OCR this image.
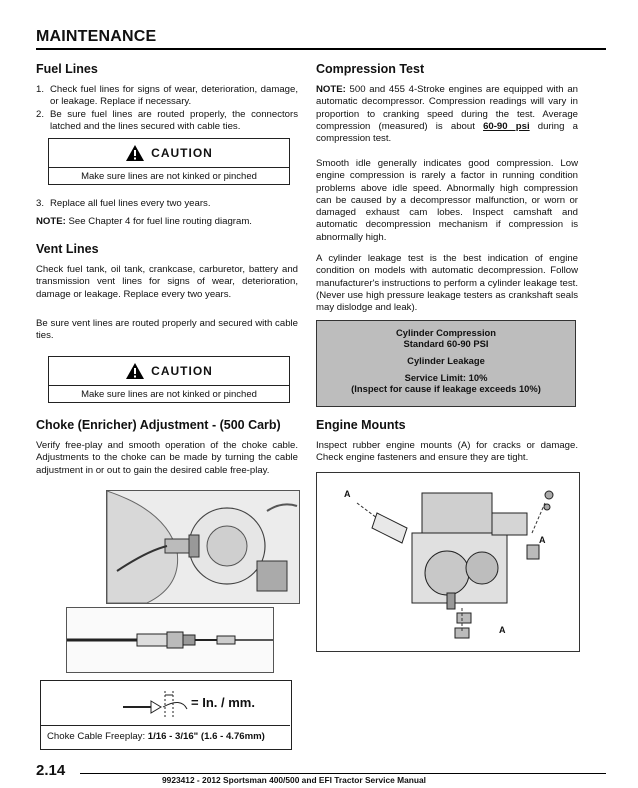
MAINTENANCE
Fuel Lines
1. Check fuel lines for signs of wear, deterioration, damage, or leakage. Replace if necessary.
2. Be sure fuel lines are routed properly, the connectors latched and the lines secured with cable ties.
CAUTION
Make sure lines are not kinked or pinched
3. Replace all fuel lines every two years.
NOTE: See Chapter 4 for fuel line routing diagram.
Vent Lines
Check fuel tank, oil tank, crankcase, carburetor, battery and transmission vent lines for signs of wear, deterioration, damage or leakage. Replace every two years.
Be sure vent lines are routed properly and secured with cable ties.
CAUTION
Make sure lines are not kinked or pinched
Choke (Enricher) Adjustment - (500 Carb)
Verify free-play and smooth operation of the choke cable. Adjustments to the choke can be made by turning the cable adjustment in or out to gain the desired cable free-play.
= In. / mm.
Choke Cable Freeplay: 1/16 - 3/16" (1.6 - 4.76mm)
Compression Test
NOTE: 500 and 455 4-Stroke engines are equipped with an automatic decompressor. Compression readings will vary in proportion to cranking speed during the test. Average compression (measured) is about 60-90 psi during a compression test.
Smooth idle generally indicates good compression. Low engine compression is rarely a factor in running condition problems above idle speed. Abnormally high compression can be caused by a decompressor malfunction, or worn or damaged exhaust cam lobes. Inspect camshaft and automatic decompression mechanism if compression is abnormally high.
A cylinder leakage test is the best indication of engine condition on models with automatic decompression. Follow manufacturer's instructions to perform a cylinder leakage test. (Never use high pressure leakage testers as crankshaft seals may dislodge and leak).
Cylinder Compression
Standard 60-90 PSI
Cylinder Leakage
Service Limit: 10%
(Inspect for cause if leakage exceeds 10%)
Engine Mounts
Inspect rubber engine mounts (A) for cracks or damage. Check engine fasteners and ensure they are tight.
A
A
A
2.14
9923412 - 2012 Sportsman 400/500 and EFI Tractor Service Manual
